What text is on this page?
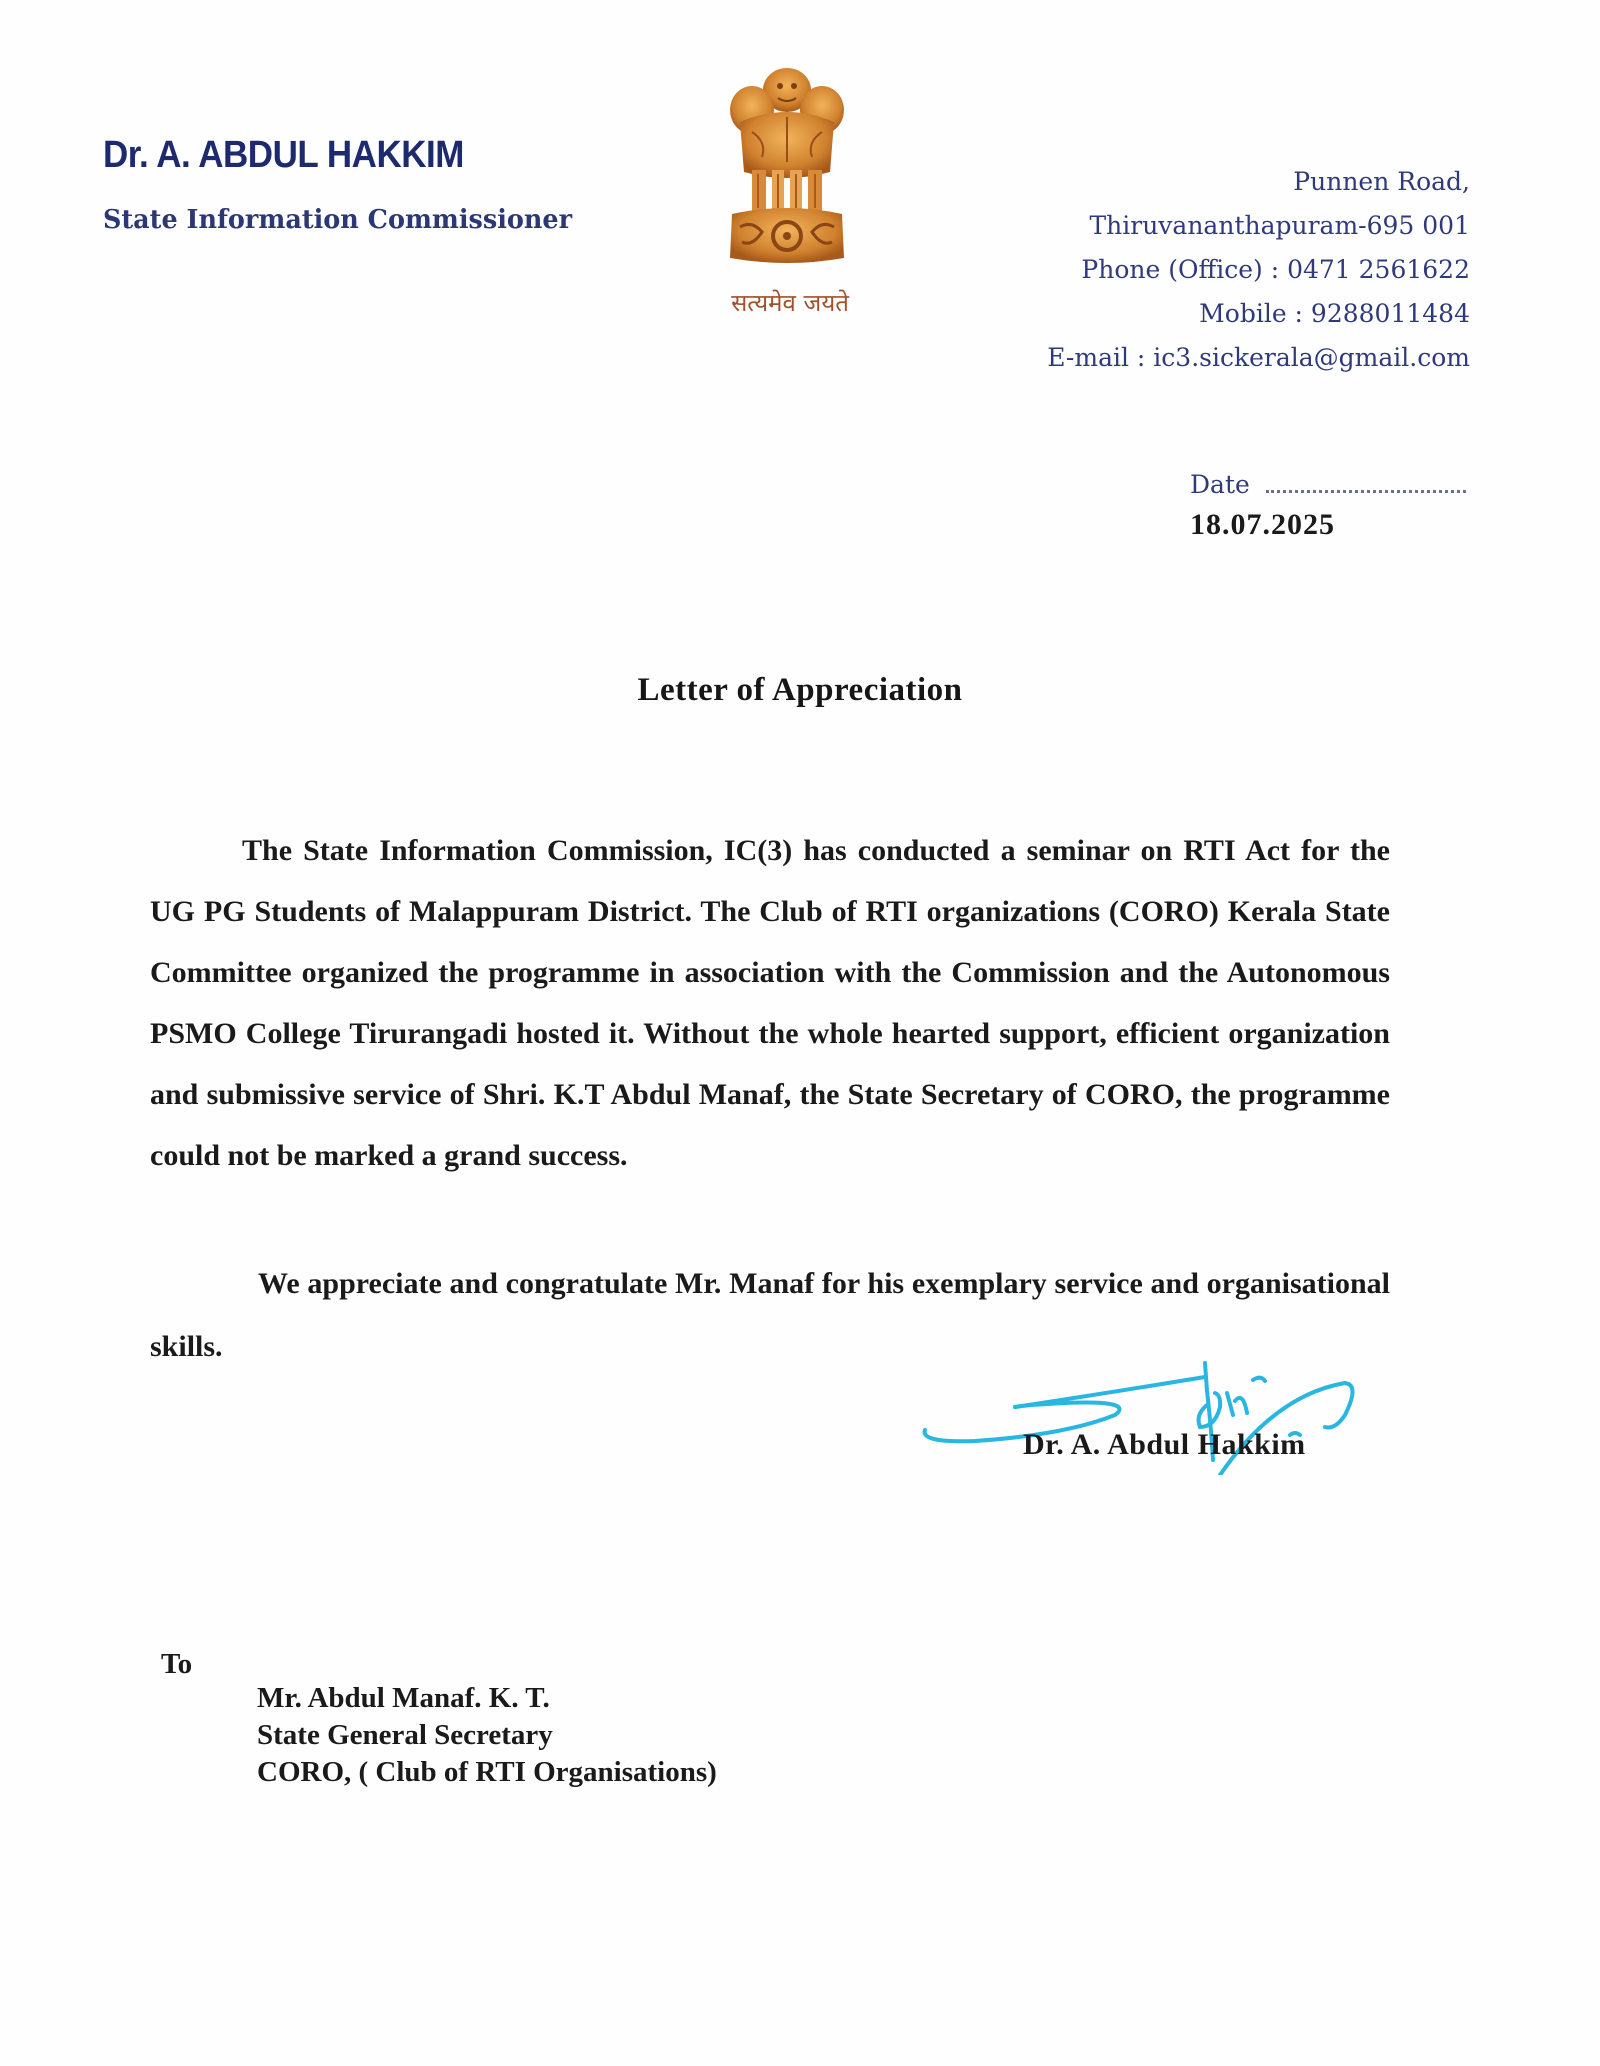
Dr. A. ABDUL HAKKIM
State Information Commissioner
सत्यमेव जयते
Punnen Road,
Thiruvananthapuram-695 001
Phone (Office) : 0471 2561622
Mobile : 9288011484
E-mail : ic3.sickerala@gmail.com
Date
18.07.2025
Letter of Appreciation
The State Information Commission, IC(3) has conducted a seminar on RTI Act for the UG PG Students of Malappuram District. The Club of RTI organizations (CORO) Kerala State Committee organized the programme in association with the Commission and the Autonomous PSMO College Tirurangadi hosted it. Without the whole hearted support, efficient organization and submissive service of Shri. K.T Abdul Manaf, the State Secretary of CORO, the programme could not be marked a grand success.
We appreciate and congratulate Mr. Manaf for his exemplary service and organisational skills.
Dr. A. Abdul Hakkim
To
Mr. Abdul Manaf. K. T.
State General Secretary
CORO, ( Club of RTI Organisations)
